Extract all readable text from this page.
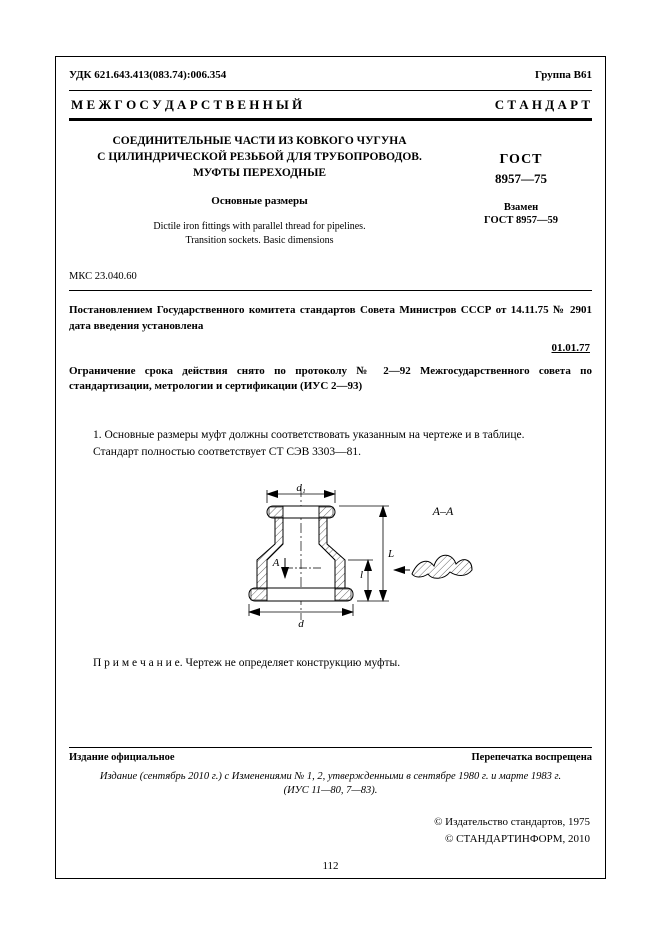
УДК 621.643.413(083.74):006.354	Группа В61
М Е Ж Г О С У Д А Р С Т В Е Н Н Ы Й	С Т А Н Д А Р Т
СОЕДИНИТЕЛЬНЫЕ ЧАСТИ ИЗ КОВКОГО ЧУГУНА
С ЦИЛИНДРИЧЕСКОЙ РЕЗЬБОЙ ДЛЯ ТРУБОПРОВОДОВ.
МУФТЫ ПЕРЕХОДНЫЕ
Основные размеры
Dictile iron fittings with parallel thread for pipelines.
Transition sockets. Basic dimensions
ГОСТ
8957—75
Взамен
ГОСТ 8957—59
МКС 23.040.60

Постановлением Государственного комитета стандартов Совета Министров СССР от 14.11.75 № 2901 дата введения установлена

01.01.77

Ограничение срока действия снято по протоколу № 2—92 Межгосударственного совета по стандартизации, метрологии и сертификации (ИУС 2—93)

1. Основные размеры муфт должны соответствовать указанным на чертеже и в таблице.

Стандарт полностью соответствует СТ СЭВ 3303—81.

А
d₁
d
L
l
А–А

П р и м е ч а н и е. Чертеж не определяет конструкцию муфты.

Издание официальное	Перепечатка воспрещена
Издание (сентябрь 2010 г.) с Изменениями № 1, 2, утвержденными в сентябре 1980 г. и марте 1983 г.
(ИУС 11—80, 7—83).
© Издательство стандартов, 1975
© СТАНДАРТИНФОРМ, 2010
112
